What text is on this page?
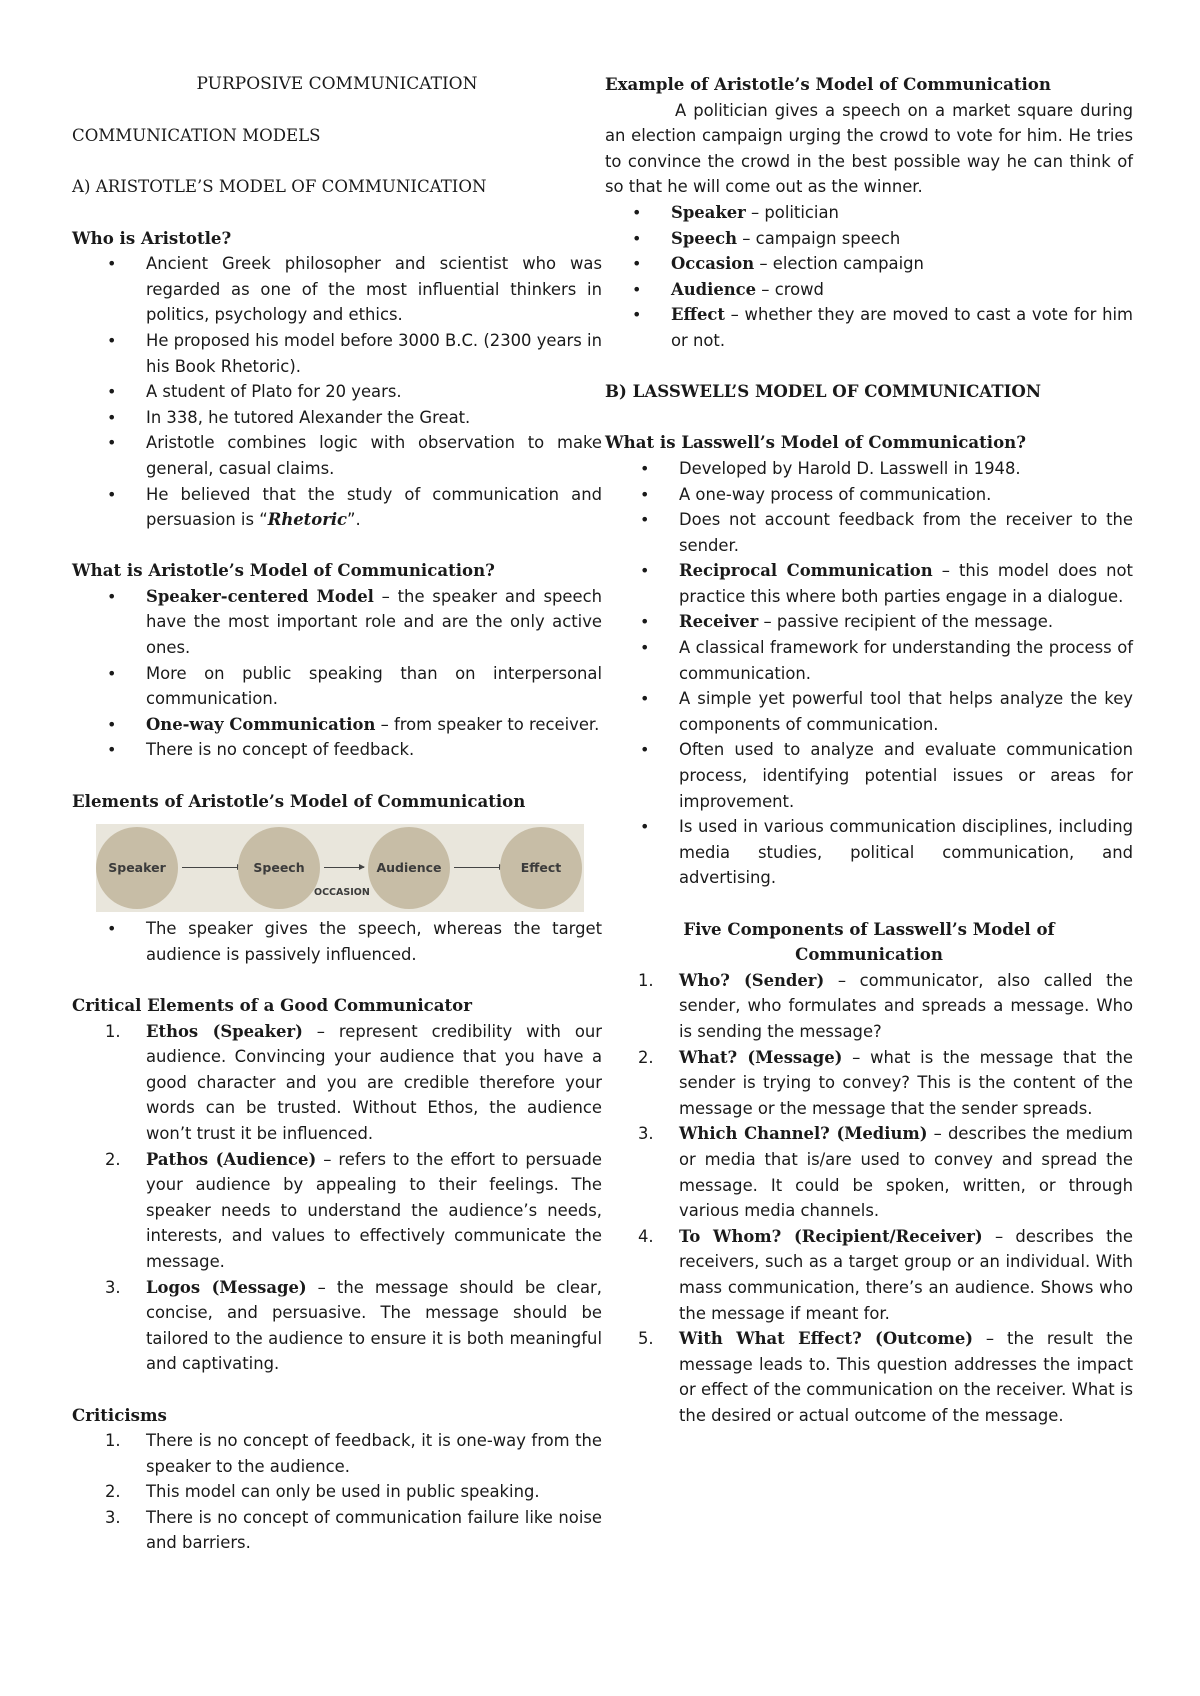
PURPOSIVE COMMUNICATION
COMMUNICATION MODELS
A) ARISTOTLE’S MODEL OF COMMUNICATION
Who is Aristotle?
• Ancient Greek philosopher and scientist who was regarded as one of the most influential thinkers in politics, psychology and ethics.
• He proposed his model before 3000 B.C. (2300 years in his Book Rhetoric).
• A student of Plato for 20 years.
• In 338, he tutored Alexander the Great.
• Aristotle combines logic with observation to make general, casual claims.
• He believed that the study of communication and persuasion is “Rhetoric”.
What is Aristotle’s Model of Communication?
• Speaker-centered Model – the speaker and speech have the most important role and are the only active ones.
• More on public speaking than on interpersonal communication.
• One-way Communication – from speaker to receiver.
• There is no concept of feedback.
Elements of Aristotle’s Model of Communication
Speaker	Speech
OCCASION
Audience	Effect
• The speaker gives the speech, whereas the target audience is passively influenced.
Critical Elements of a Good Communicator
1. Ethos (Speaker) – represent credibility with our audience. Convincing your audience that you have a good character and you are credible therefore your words can be trusted. Without Ethos, the audience won’t trust it be influenced.
2. Pathos (Audience) – refers to the effort to persuade your audience by appealing to their feelings. The speaker needs to understand the audience’s needs, interests, and values to effectively communicate the message.
3. Logos (Message) – the message should be clear, concise, and persuasive. The message should be tailored to the audience to ensure it is both meaningful and captivating.
Criticisms
1. There is no concept of feedback, it is one-way from the speaker to the audience.
2. This model can only be used in public speaking.
3. There is no concept of communication failure like noise and barriers.
Example of Aristotle’s Model of Communication

A politician gives a speech on a market square during an election campaign urging the crowd to vote for him. He tries to convince the crowd in the best possible way he can think of so that he will come out as the winner.

• Speaker – politician
• Speech – campaign speech
• Occasion – election campaign
• Audience – crowd
• Effect – whether they are moved to cast a vote for him or not.
B) LASSWELL’S MODEL OF COMMUNICATION
What is Lasswell’s Model of Communication?
• Developed by Harold D. Lasswell in 1948.
• A one-way process of communication.
• Does not account feedback from the receiver to the sender.
• Reciprocal Communication – this model does not practice this where both parties engage in a dialogue.
• Receiver – passive recipient of the message.
• A classical framework for understanding the process of communication.
• A simple yet powerful tool that helps analyze the key components of communication.
• Often used to analyze and evaluate communication process, identifying potential issues or areas for improvement.
• Is used in various communication disciplines, including media studies, political communication, and advertising.
Five Components of Lasswell’s Model of
Communication
1. Who? (Sender) – communicator, also called the sender, who formulates and spreads a message. Who is sending the message?
2. What? (Message) – what is the message that the sender is trying to convey? This is the content of the message or the message that the sender spreads.
3. Which Channel? (Medium) – describes the medium or media that is/are used to convey and spread the message. It could be spoken, written, or through various media channels.
4. To Whom? (Recipient/Receiver) – describes the receivers, such as a target group or an individual. With mass communication, there’s an audience. Shows who the message if meant for.
5. With What Effect? (Outcome) – the result the message leads to. This question addresses the impact or effect of the communication on the receiver. What is the desired or actual outcome of the message.
